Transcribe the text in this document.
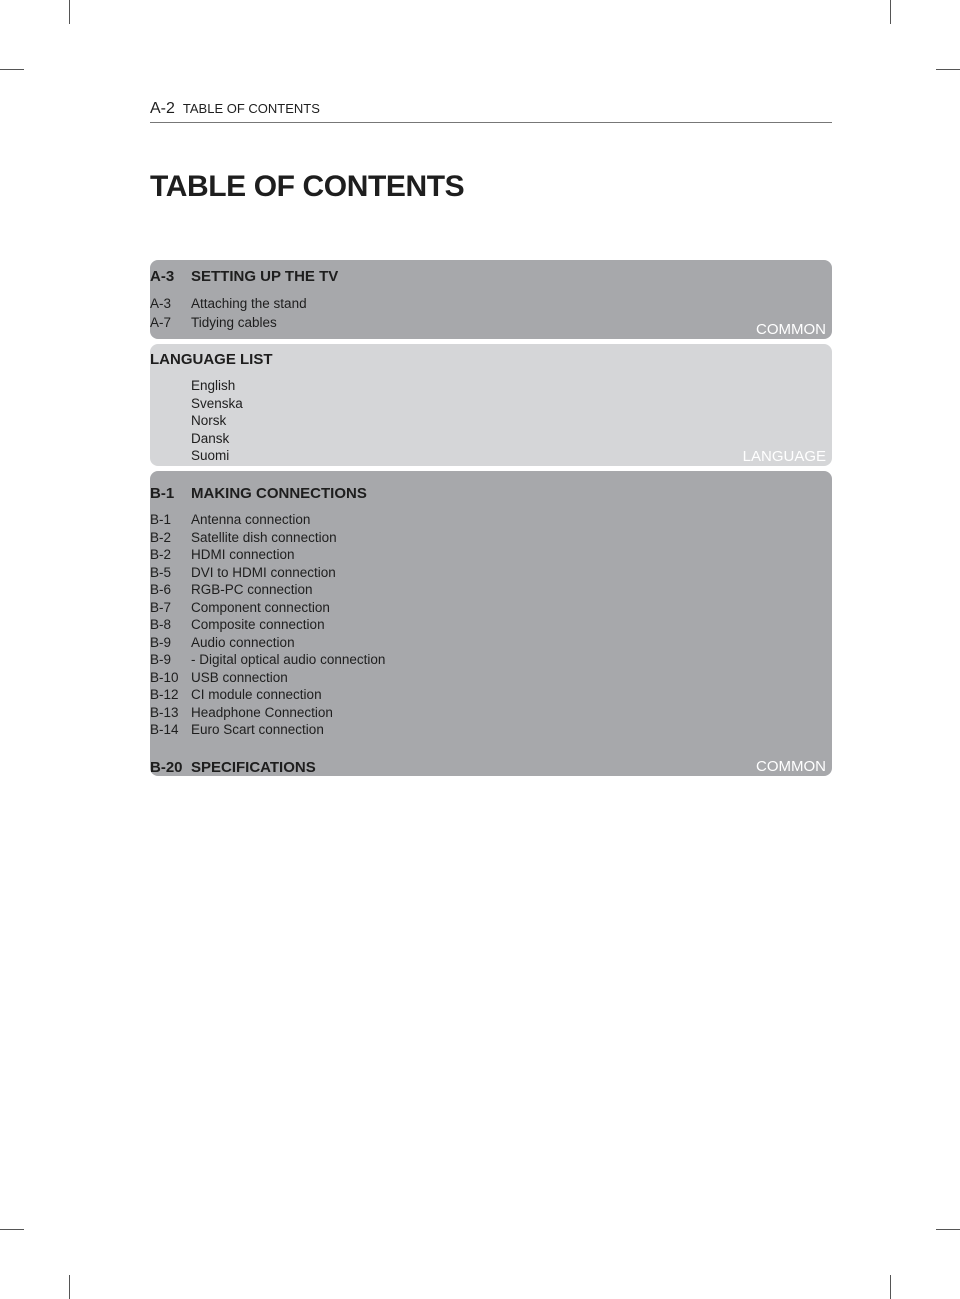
A-2 TABLE OF CONTENTS
TABLE OF CONTENTS
COMMON
LANGUAGE
COMMON
A-3 SETTING UP THE TV
A-3 Attaching the stand
A-7 Tidying cables
LANGUAGE LIST
English
Svenska
Norsk
Dansk
Suomi
B-1 MAKING CONNECTIONS
B-1 Antenna connection
B-2 Satellite dish connection
B-2 HDMI connection
B-5 DVI to HDMI connection
B-6 RGB-PC connection
B-7 Component connection
B-8 Composite connection
B-9 Audio connection
B-9 - Digital optical audio connection
B-10 USB connection
B-12 CI module connection
B-13 Headphone Connection
B-14 Euro Scart connection
B-20 SPECIFICATIONS
